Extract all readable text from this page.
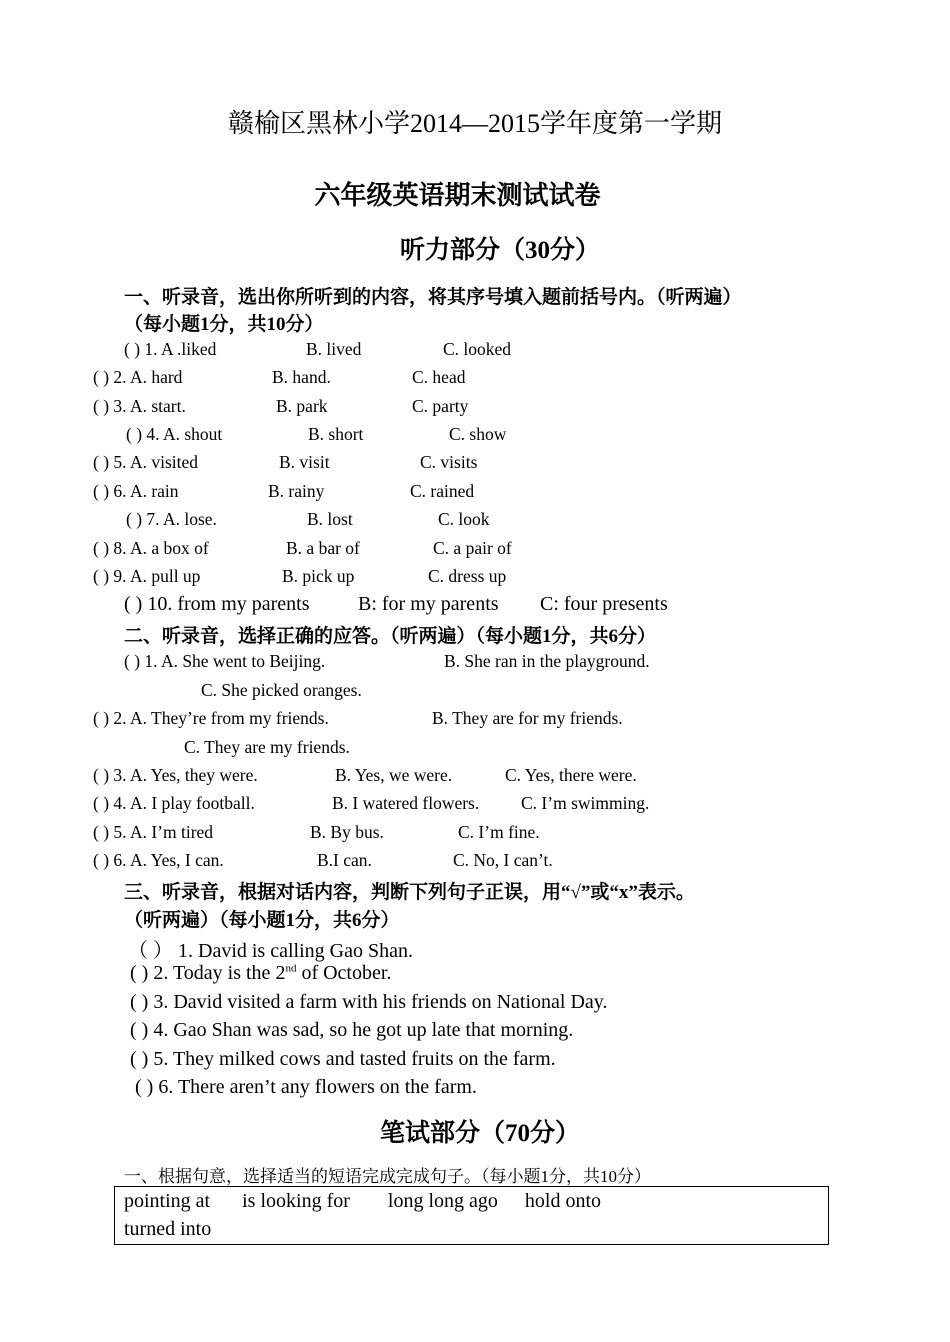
赣榆区黑林小学2014—2015学年度第一学期
六年级英语期末测试试卷
听力部分（30分）
一、听录音，选出你所听到的内容，将其序号填入题前括号内。（听两遍）
（每小题1分，共10分）
( ) 1. A .liked	B. lived	C. looked
( ) 2. A. hard	B. hand.	C. head
( ) 3. A. start.	B. park	C. party
( ) 4. A. shout	B. short	C. show
( ) 5. A. visited	B. visit	C. visits
( ) 6. A. rain	B. rainy	C. rained
( ) 7. A. lose.	B. lost	C. look
( ) 8. A. a box of	B. a bar of	C. a pair of
( ) 9. A. pull up	B. pick up	C. dress up
( ) 10. from my parents B: for my parents C: four presents
二、听录音，选择正确的应答。（听两遍）（每小题1分，共6分）
( ) 1. A. She went to Beijing.	B. She ran in the playground.
C. She picked oranges.
( ) 2. A. They’re from my friends.	B. They are for my friends.
C. They are my friends.
( ) 3. A. Yes, they were.	B. Yes, we were.	C. Yes, there were.
( ) 4. A. I play football.	B. I watered flowers. C. I’m swimming.
( ) 5. A. I’m tired	B. By bus.	C. I’m fine.
( ) 6. A. Yes, I can.	B.I can.	C. No, I can’t.
三、听录音，根据对话内容，判断下列句子正误，用“√”或“x”表示。
（听两遍）（每小题1分，共6分）
（ ） 1. David is calling Gao Shan.
( ) 2. Today is the 2nd of October.
( ) 3. David visited a farm with his friends on National Day.
( ) 4. Gao Shan was sad, so he got up late that morning.
( ) 5. They milked cows and tasted fruits on the farm.
( ) 6. There aren’t any flowers on the farm.
笔试部分（70分）
一、根据句意，选择适当的短语完成完成句子。（每小题1分，共10分）
pointing at is looking for long long ago hold onto
turned into
